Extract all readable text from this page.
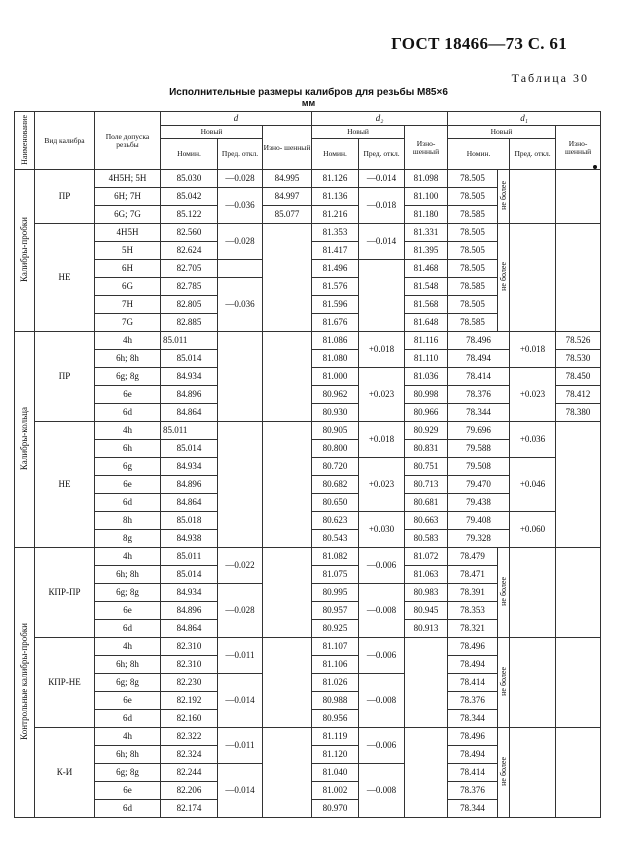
ГОСТ 18466—73 С. 61
Таблица 30
Исполнительные размеры калибров для резьбы М85×6
мм
Наименование	Вид калибра	Поле допуска резьбы	d			d₂			d₁			
			Новый		Изно- шенный	Новый		Изно- шенный	Новый			Изно- шенный
			Номин.	Пред. откл.		Номин.	Пред. откл.		Номин.		Пред. откл.	
Калибры-пробки	ПР	4H5H; 5H	85.030	—0.028	84.995	81.126	—0.014	81.098	78.505	не более		
		6H; 7H	85.042	—0.036	84.997	81.136	—0.018	81.100	78.505			
		6G; 7G	85.122		85.077	81.216		81.180	78.585			
	НЕ	4H5H	82.560	—0.028		81.353	—0.014	81.331	78.505	не более		
		5H	82.624			81.417		81.395	78.505			
		6H	82.705			81.496		81.468	78.505			
		6G	82.785	—0.036		81.576		81.548	78.585			
		7H	82.805			81.596		81.568	78.505			
		7G	82.885			81.676		81.648	78.585			
Калибры-кольца	ПР	4h	85.011			81.086	+0.018	81.116	78.496		+0.018	78.526
		6h; 8h	85.014			81.080		81.110	78.494			78.530
		6g; 8g	84.934			81.000	+0.023	81.036	78.414		+0.023	78.450
		6e	84.896			80.962		80.998	78.376			78.412
		6d	84.864			80.930		80.966	78.344			78.380
	НЕ	4h	85.011			80.905	+0.018	80.929	79.696		+0.036	
		6h	85.014			80.800		80.831	79.588			
		6g	84.934			80.720	+0.023	80.751	79.508		+0.046	
		6e	84.896			80.682		80.713	79.470			
		6d	84.864			80.650		80.681	79.438			
		8h	85.018			80.623	+0.030	80.663	79.408		+0.060	
		8g	84.938			80.543		80.583	79.328			
Контрольные калибры-пробки	КПР-ПР	4h	85.011	—0.022		81.082	—0.006	81.072	78.479	не более		
		6h; 8h	85.014			81.075		81.063	78.471			
		6g; 8g	84.934	—0.028		80.995	—0.008	80.983	78.391			
		6e	84.896			80.957		80.945	78.353			
		6d	84.864			80.925		80.913	78.321			
	КПР-НЕ	4h	82.310	—0.011		81.107	—0.006		78.496	не более		
		6h; 8h	82.310			81.106			78.494			
		6g; 8g	82.230	—0.014		81.026	—0.008		78.414			
		6e	82.192			80.988			78.376			
		6d	82.160			80.956			78.344			
	К-И	4h	82.322	—0.011		81.119	—0.006		78.496	не более		
		6h; 8h	82.324			81.120			78.494			
		6g; 8g	82.244	—0.014		81.040	—0.008		78.414			
		6e	82.206			81.002			78.376			
		6d	82.174			80.970			78.344			
